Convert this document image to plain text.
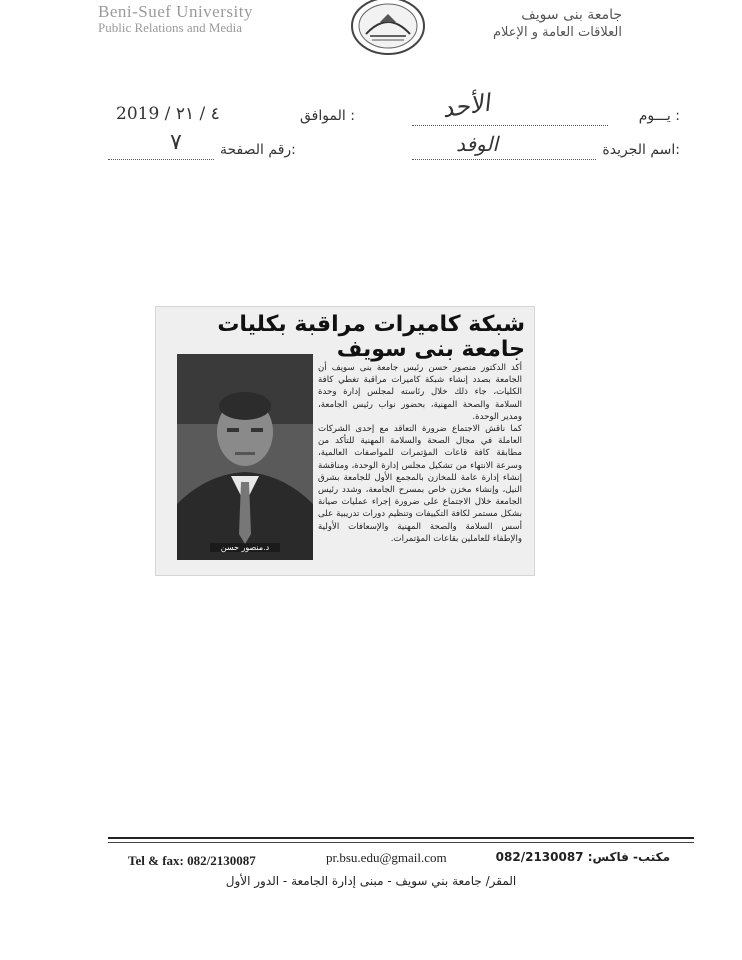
Beni-Suef University
Public Relations and Media
جامعة بنى سويف
العلاقات العامة و الإعلام
يـــوم :
الأحد
الموافق :
2019 / ٤ / ٢١
اسم الجريدة:
الوفد
رقم الصفحة:
٧
شبكة كاميرات مراقبة بكليات جامعة بنى سويف
د.منصور حسن

أكد الدكتور منصور حسن رئيس جامعة بنى سويف أن الجامعة بصدد إنشاء شبكة كاميرات مراقبة تغطي كافة الكليات، جاء ذلك خلال رئاسته لمجلس إدارة وحدة السلامة والصحة المهنية، بحضور نواب رئيس الجامعة، ومدير الوحدة.

كما ناقش الاجتماع ضرورة التعاقد مع إحدى الشركات العاملة في مجال الصحة والسلامة المهنية للتأكد من مطابقة كافة قاعات المؤتمرات للمواصفات العالمية، وسرعة الانتهاء من تشكيل مجلس إدارة الوحدة، ومناقشة إنشاء إدارة عامة للمخازن بالمجمع الأول للجامعة بشرق النيل، وإنشاء مخزن خاص بمسرح الجامعة، وشدد رئيس الجامعة خلال الاجتماع على ضرورة إجراء عمليات صيانة بشكل مستمر لكافة التكييفات وتنظيم دورات تدريبية على أسس السلامة والصحة المهنية والإسعافات الأولية والإطفاء للعاملين بقاعات المؤتمرات.

Tel & fax: 082/2130087	pr.bsu.edu@gmail.com	مكتب- فاكس: 082/2130087
المقر/ جامعة بني سويف - مبنى إدارة الجامعة - الدور الأول
